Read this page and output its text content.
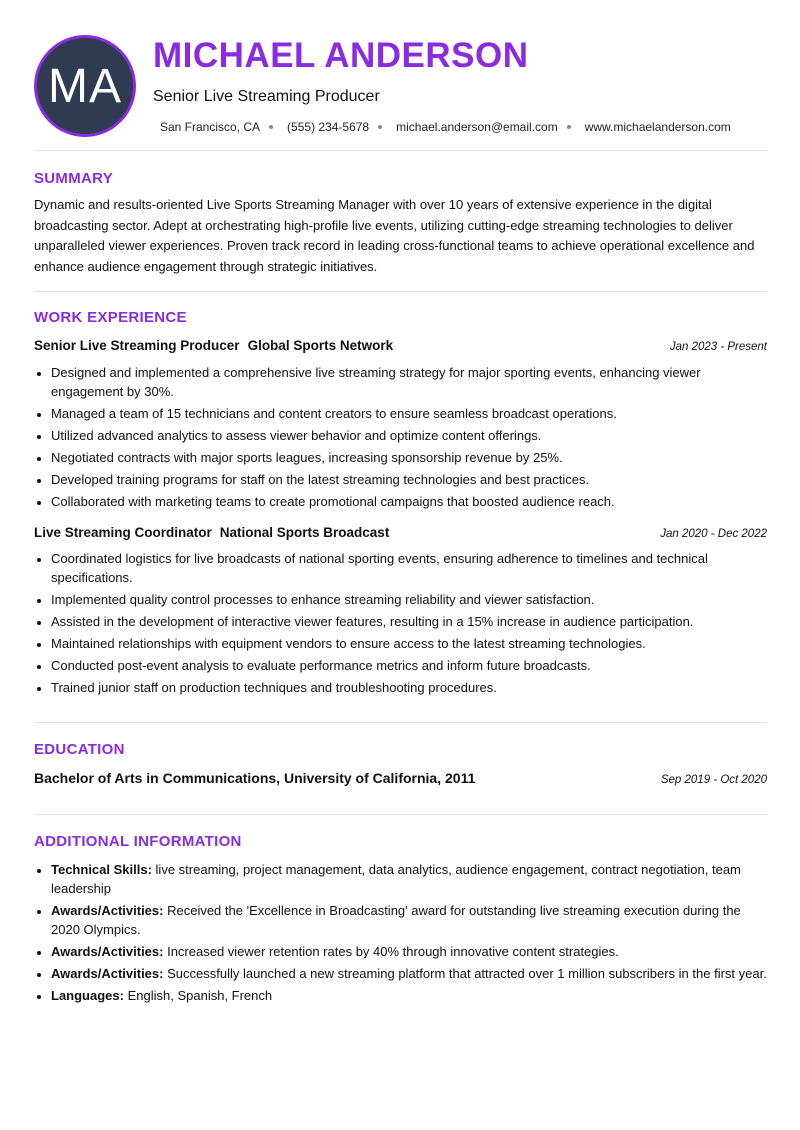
MA
MICHAEL ANDERSON
Senior Live Streaming Producer
San Francisco, CA (555) 234-5678 michael.anderson@email.com www.michaelanderson.com
SUMMARY
Dynamic and results-oriented Live Sports Streaming Manager with over 10 years of extensive experience in the digital broadcasting sector. Adept at orchestrating high-profile live events, utilizing cutting-edge streaming technologies to deliver unparalleled viewer experiences. Proven track record in leading cross-functional teams to achieve operational excellence and enhance audience engagement through strategic initiatives.
WORK EXPERIENCE
Senior Live Streaming Producer Global Sports Network	Jan 2023 - Present
• Designed and implemented a comprehensive live streaming strategy for major sporting events, enhancing viewer engagement by 30%.
• Managed a team of 15 technicians and content creators to ensure seamless broadcast operations.
• Utilized advanced analytics to assess viewer behavior and optimize content offerings.
• Negotiated contracts with major sports leagues, increasing sponsorship revenue by 25%.
• Developed training programs for staff on the latest streaming technologies and best practices.
• Collaborated with marketing teams to create promotional campaigns that boosted audience reach.
Live Streaming Coordinator National Sports Broadcast	Jan 2020 - Dec 2022
• Coordinated logistics for live broadcasts of national sporting events, ensuring adherence to timelines and technical specifications.
• Implemented quality control processes to enhance streaming reliability and viewer satisfaction.
• Assisted in the development of interactive viewer features, resulting in a 15% increase in audience participation.
• Maintained relationships with equipment vendors to ensure access to the latest streaming technologies.
• Conducted post-event analysis to evaluate performance metrics and inform future broadcasts.
• Trained junior staff on production techniques and troubleshooting procedures.
EDUCATION
Bachelor of Arts in Communications, University of California, 2011	Sep 2019 - Oct 2020
ADDITIONAL INFORMATION
• Technical Skills: live streaming, project management, data analytics, audience engagement, contract negotiation, team leadership
• Awards/Activities: Received the 'Excellence in Broadcasting' award for outstanding live streaming execution during the 2020 Olympics.
• Awards/Activities: Increased viewer retention rates by 40% through innovative content strategies.
• Awards/Activities: Successfully launched a new streaming platform that attracted over 1 million subscribers in the first year.
• Languages: English, Spanish, French
